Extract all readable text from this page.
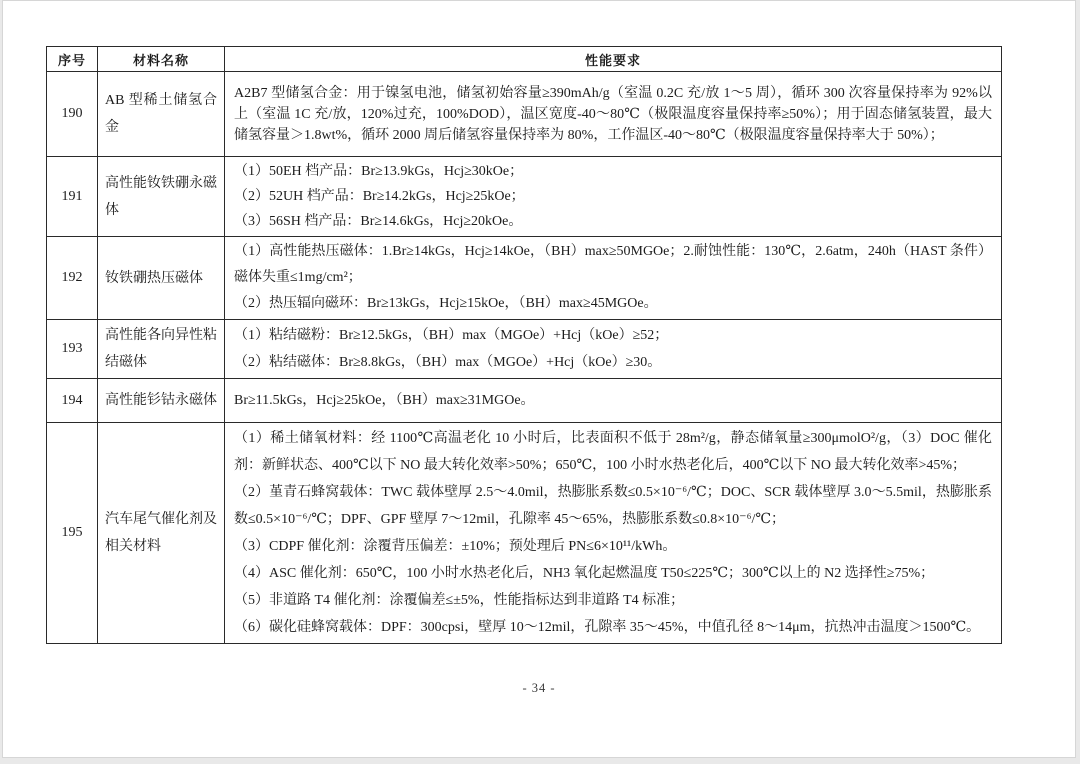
序号	材料名称	性能要求
190	AB 型稀土储氢合金	A2B7 型储氢合金：用于镍氢电池，储氢初始容量≥390mAh/g（室温 0.2C 充/放 1～5 周），循环 300 次容量保持率为 92%以上（室温 1C 充/放，120%过充，100%DOD），温区宽度-40～80℃（极限温度容量保持率≥50%）；用于固态储氢装置，最大储氢容量＞1.8wt%，循环 2000 周后储氢容量保持率为 80%，工作温区-40～80℃（极限温度容量保持率大于 50%）；

191	高性能钕铁硼永磁体	（1）50EH 档产品：Br≥13.9kGs，Hcj≥30kOe；

（2）52UH 档产品：Br≥14.2kGs，Hcj≥25kOe；

（3）56SH 档产品：Br≥14.6kGs，Hcj≥20kOe。

192	钕铁硼热压磁体	（1）高性能热压磁体：1.Br≥14kGs，Hcj≥14kOe，（BH）max≥50MGOe；2.耐蚀性能：130℃，2.6atm，240h（HAST 条件）磁体失重≤1mg/cm²；

（2）热压辐向磁环：Br≥13kGs，Hcj≥15kOe，（BH）max≥45MGOe。

193	高性能各向异性粘结磁体	（1）粘结磁粉：Br≥12.5kGs，（BH）max（MGOe）+Hcj（kOe）≥52；

（2）粘结磁体：Br≥8.8kGs，（BH）max（MGOe）+Hcj（kOe）≥30。

194	高性能钐钴永磁体	Br≥11.5kGs，Hcj≥25kOe，（BH）max≥31MGOe。

195	汽车尾气催化剂及相关材料	

（1）稀土储氧材料：经 1100℃高温老化 10 小时后，比表面积不低于 28m²/g，静态储氧量≥300μmolO²/g，（3）DOC 催化剂：新鲜状态、400℃以下 NO 最大转化效率>50%；650℃，100 小时水热老化后，400℃以下 NO 最大转化效率>45%；

（2）堇青石蜂窝载体：TWC 载体壁厚 2.5～4.0mil，热膨胀系数≤0.5×10⁻⁶/℃；DOC、SCR 载体壁厚 3.0～5.5mil，热膨胀系数≤0.5×10⁻⁶/℃；DPF、GPF 壁厚 7～12mil，孔隙率 45～65%，热膨胀系数≤0.8×10⁻⁶/℃；

（3）CDPF 催化剂：涂覆背压偏差：±10%；预处理后 PN≤6×10¹¹/kWh。

（4）ASC 催化剂：650℃，100 小时水热老化后，NH3 氧化起燃温度 T50≤225℃；300℃以上的 N2 选择性≥75%；

（5）非道路 T4 催化剂：涂覆偏差≤±5%，性能指标达到非道路 T4 标准；

（6）碳化硅蜂窝载体：DPF：300cpsi，壁厚 10～12mil，孔隙率 35～45%，中值孔径 8～14μm，抗热冲击温度＞1500℃。

- 34 -
